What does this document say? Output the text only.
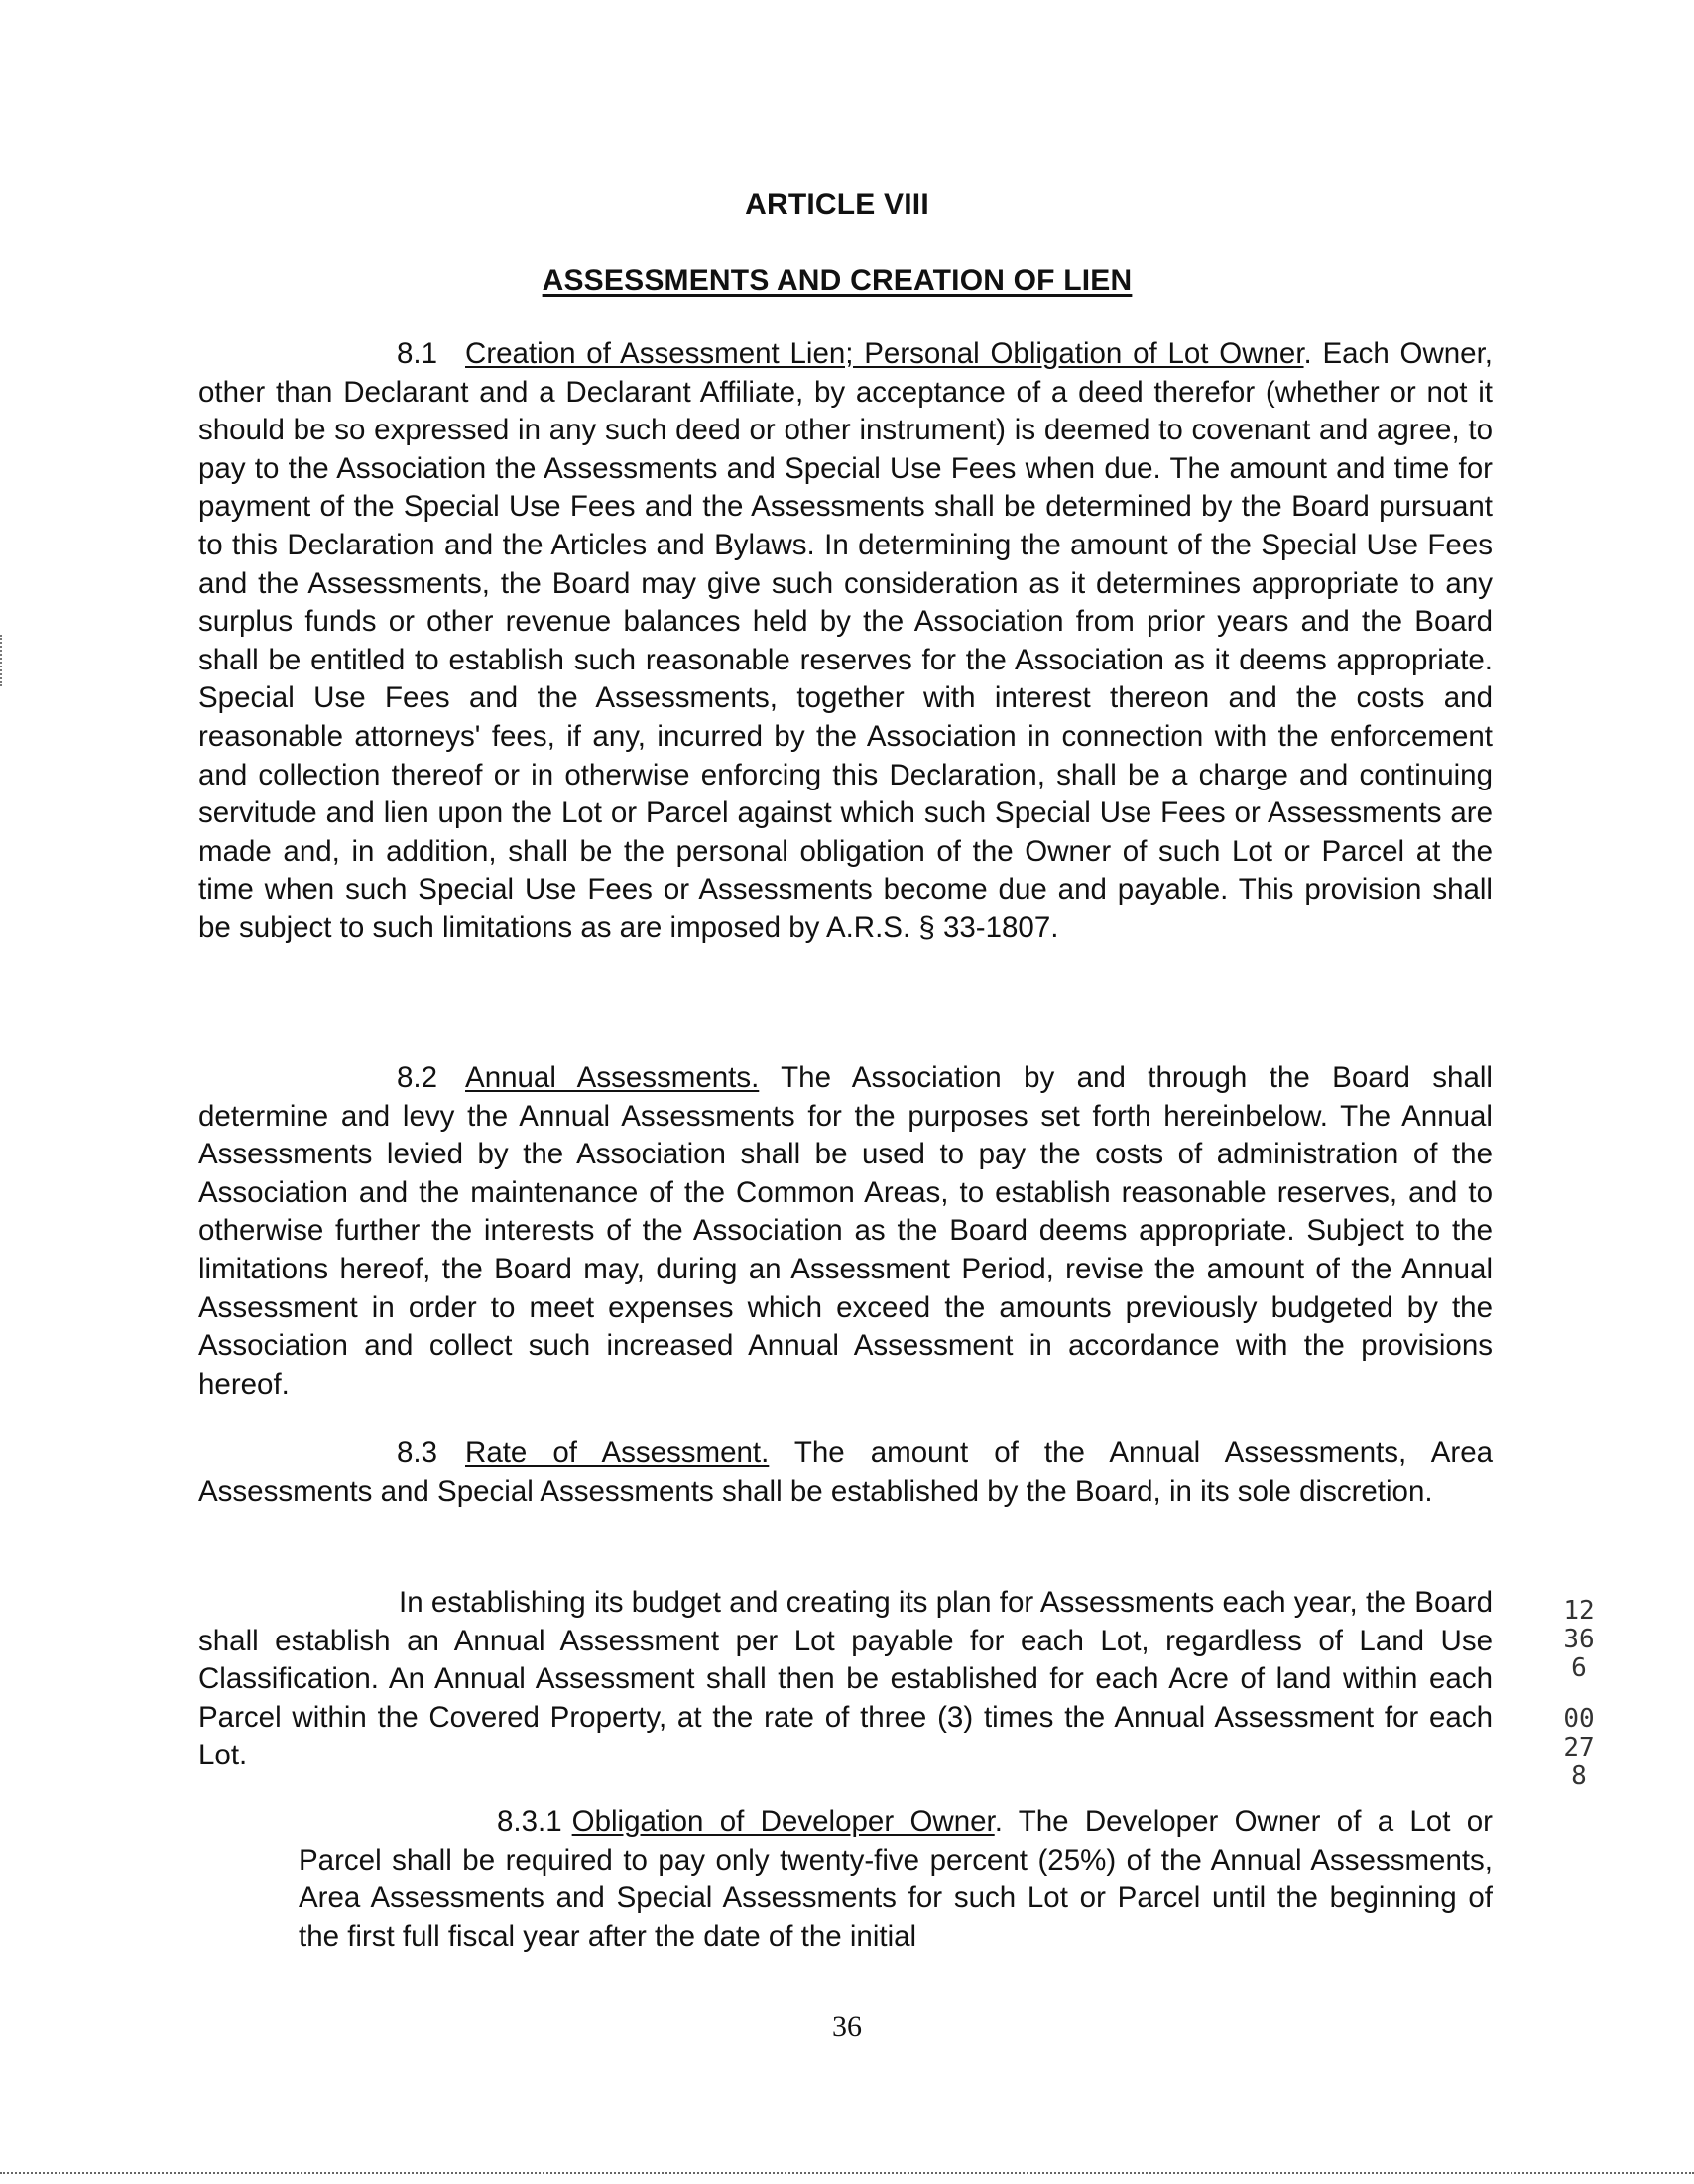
ARTICLE VIII
ASSESSMENTS AND CREATION OF LIEN

8.1 Creation of Assessment Lien; Personal Obligation of Lot Owner. Each Owner, other than Declarant and a Declarant Affiliate, by acceptance of a deed therefor (whether or not it should be so expressed in any such deed or other instrument) is deemed to covenant and agree, to pay to the Association the Assessments and Special Use Fees when due. The amount and time for payment of the Special Use Fees and the Assessments shall be determined by the Board pursuant to this Declaration and the Articles and Bylaws. In determining the amount of the Special Use Fees and the Assessments, the Board may give such consideration as it determines appropriate to any surplus funds or other revenue balances held by the Association from prior years and the Board shall be entitled to establish such reasonable reserves for the Association as it deems appropriate. Special Use Fees and the Assessments, together with interest thereon and the costs and reasonable attorneys' fees, if any, incurred by the Association in connection with the enforcement and collection thereof or in otherwise enforcing this Declaration, shall be a charge and continuing servitude and lien upon the Lot or Parcel against which such Special Use Fees or Assessments are made and, in addition, shall be the personal obligation of the Owner of such Lot or Parcel at the time when such Special Use Fees or Assessments become due and payable. This provision shall be subject to such limitations as are imposed by A.R.S. § 33-1807.

8.2 Annual Assessments. The Association by and through the Board shall determine and levy the Annual Assessments for the purposes set forth hereinbelow. The Annual Assessments levied by the Association shall be used to pay the costs of administration of the Association and the maintenance of the Common Areas, to establish reasonable reserves, and to otherwise further the interests of the Association as the Board deems appropriate. Subject to the limitations hereof, the Board may, during an Assessment Period, revise the amount of the Annual Assessment in order to meet expenses which exceed the amounts previously budgeted by the Association and collect such increased Annual Assessment in accordance with the provisions hereof.

8.3 Rate of Assessment. The amount of the Annual Assessments, Area Assessments and Special Assessments shall be established by the Board, in its sole discretion.

In establishing its budget and creating its plan for Assessments each year, the Board shall establish an Annual Assessment per Lot payable for each Lot, regardless of Land Use Classification. An Annual Assessment shall then be established for each Acre of land within each Parcel within the Covered Property, at the rate of three (3) times the Annual Assessment for each Lot.

8.3.1 Obligation of Developer Owner. The Developer Owner of a Lot or Parcel shall be required to pay only twenty-five percent (25%) of the Annual Assessments, Area Assessments and Special Assessments for such Lot or Parcel until the beginning of the first full fiscal year after the date of the initial

12366
00278
36
